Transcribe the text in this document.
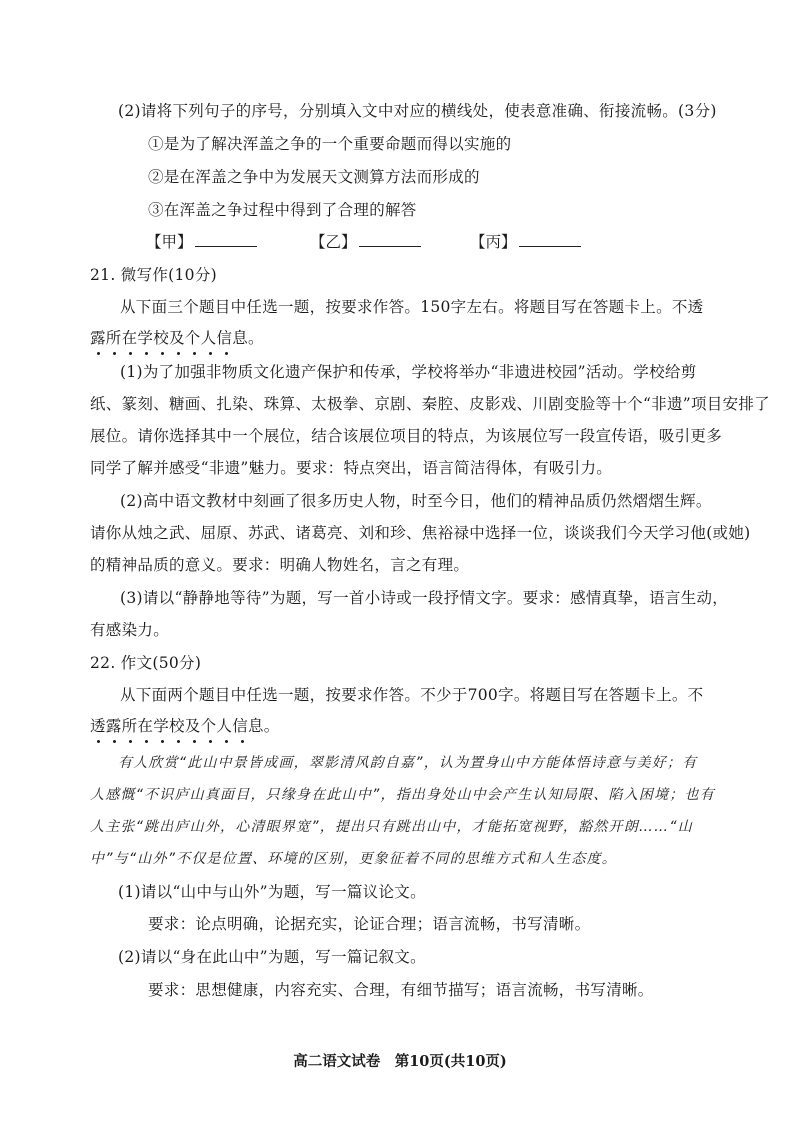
(2)请将下列句子的序号，分别填入文中对应的横线处，使表意准确、衔接流畅。(3分)
①是为了解决浑盖之争的一个重要命题而得以实施的
②是在浑盖之争中为发展天文测算方法而形成的
③在浑盖之争过程中得到了合理的解答
【甲】	【乙】	【丙】
21. 微写作(10分)
从下面三个题目中任选一题，按要求作答。150字左右。将题目写在答题卡上。不透
露所在学校及个人信息。
(1)为了加强非物质文化遗产保护和传承，学校将举办“非遗进校园”活动。学校给剪
纸、篆刻、糖画、扎染、珠算、太极拳、京剧、秦腔、皮影戏、川剧变脸等十个“非遗”项目安排了
展位。请你选择其中一个展位，结合该展位项目的特点，为该展位写一段宣传语，吸引更多
同学了解并感受“非遗”魅力。要求：特点突出，语言简洁得体，有吸引力。
(2)高中语文教材中刻画了很多历史人物，时至今日，他们的精神品质仍然熠熠生辉。
请你从烛之武、屈原、苏武、诸葛亮、刘和珍、焦裕禄中选择一位，谈谈我们今天学习他(或她)
的精神品质的意义。要求：明确人物姓名，言之有理。
(3)请以“静静地等待”为题，写一首小诗或一段抒情文字。要求：感情真挚，语言生动，
有感染力。
22. 作文(50分)
从下面两个题目中任选一题，按要求作答。不少于700字。将题目写在答题卡上。不
透露所在学校及个人信息。
有人欣赏“此山中景皆成画，翠影清风韵自嘉”，认为置身山中方能体悟诗意与美好；有
人感慨“不识庐山真面目，只缘身在此山中”，指出身处山中会产生认知局限、陷入困境；也有
人主张“跳出庐山外，心清眼界宽”，提出只有跳出山中，才能拓宽视野，豁然开朗……“山
中”与“山外”不仅是位置、环境的区别，更象征着不同的思维方式和人生态度。
(1)请以“山中与山外”为题，写一篇议论文。
要求：论点明确，论据充实，论证合理；语言流畅，书写清晰。
(2)请以“身在此山中”为题，写一篇记叙文。
要求：思想健康，内容充实、合理，有细节描写；语言流畅，书写清晰。
高二语文试卷　第10页(共10页)
